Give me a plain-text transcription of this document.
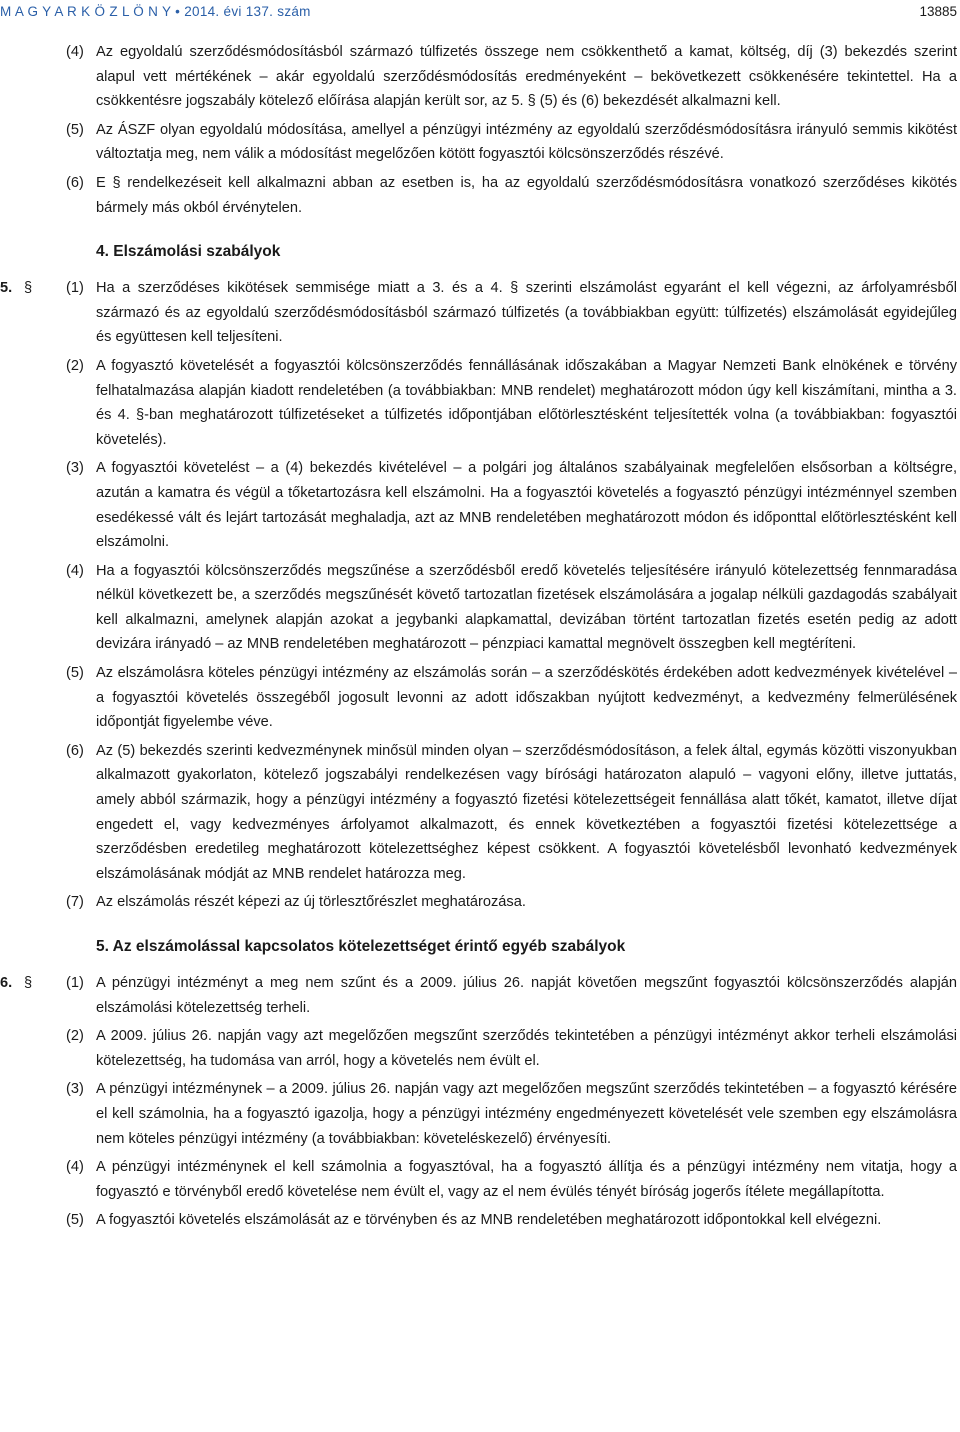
M A G Y A R K Ö Z L Ö N Y • 2014. évi 137. szám	13885
(4) Az egyoldalú szerződésmódosításból származó túlfizetés összege nem csökkenthető a kamat, költség, díj (3) bekezdés szerint alapul vett mértékének – akár egyoldalú szerződésmódosítás eredményeként – bekövetkezett csökkenésére tekintettel. Ha a csökkentésre jogszabály kötelező előírása alapján került sor, az 5. § (5) és (6) bekezdését alkalmazni kell.
(5) Az ÁSZF olyan egyoldalú módosítása, amellyel a pénzügyi intézmény az egyoldalú szerződésmódosításra irányuló semmis kikötést változtatja meg, nem válik a módosítást megelőzően kötött fogyasztói kölcsönszerződés részévé.
(6) E § rendelkezéseit kell alkalmazni abban az esetben is, ha az egyoldalú szerződésmódosításra vonatkozó szerződéses kikötés bármely más okból érvénytelen.
4. Elszámolási szabályok
5. § (1) Ha a szerződéses kikötések semmisége miatt a 3. és a 4. § szerinti elszámolást egyaránt el kell végezni, az árfolyamrésből származó és az egyoldalú szerződésmódosításból származó túlfizetés (a továbbiakban együtt: túlfizetés) elszámolását egyidejűleg és együttesen kell teljesíteni.
(2) A fogyasztó követelését a fogyasztói kölcsönszerződés fennállásának időszakában a Magyar Nemzeti Bank elnökének e törvény felhatalmazása alapján kiadott rendeletében (a továbbiakban: MNB rendelet) meghatározott módon úgy kell kiszámítani, mintha a 3. és 4. §-ban meghatározott túlfizetéseket a túlfizetés időpontjában előtörlesztésként teljesítették volna (a továbbiakban: fogyasztói követelés).
(3) A fogyasztói követelést – a (4) bekezdés kivételével – a polgári jog általános szabályainak megfelelően elsősorban a költségre, azután a kamatra és végül a tőketartozásra kell elszámolni. Ha a fogyasztói követelés a fogyasztó pénzügyi intézménnyel szemben esedékessé vált és lejárt tartozását meghaladja, azt az MNB rendeletében meghatározott módon és időponttal előtörlesztésként kell elszámolni.
(4) Ha a fogyasztói kölcsönszerződés megszűnése a szerződésből eredő követelés teljesítésére irányuló kötelezettség fennmaradása nélkül következett be, a szerződés megszűnését követő tartozatlan fizetések elszámolására a jogalap nélküli gazdagodás szabályait kell alkalmazni, amelynek alapján azokat a jegybanki alapkamattal, devizában történt tartozatlan fizetés esetén pedig az adott devizára irányadó – az MNB rendeletében meghatározott – pénzpiaci kamattal megnövelt összegben kell megtéríteni.
(5) Az elszámolásra köteles pénzügyi intézmény az elszámolás során – a szerződéskötés érdekében adott kedvezmények kivételével – a fogyasztói követelés összegéből jogosult levonni az adott időszakban nyújtott kedvezményt, a kedvezmény felmerülésének időpontját figyelembe véve.
(6) Az (5) bekezdés szerinti kedvezménynek minősül minden olyan – szerződésmódosításon, a felek által, egymás közötti viszonyukban alkalmazott gyakorlaton, kötelező jogszabályi rendelkezésen vagy bírósági határozaton alapuló – vagyoni előny, illetve juttatás, amely abból származik, hogy a pénzügyi intézmény a fogyasztó fizetési kötelezettségeit fennállása alatt tőkét, kamatot, illetve díjat engedett el, vagy kedvezményes árfolyamot alkalmazott, és ennek következtében a fogyasztói fizetési kötelezettsége a szerződésben eredetileg meghatározott kötelezettséghez képest csökkent. A fogyasztói követelésből levonható kedvezmények elszámolásának módját az MNB rendelet határozza meg.
(7) Az elszámolás részét képezi az új törlesztőrészlet meghatározása.
5. Az elszámolással kapcsolatos kötelezettséget érintő egyéb szabályok
6. § (1) A pénzügyi intézményt a meg nem szűnt és a 2009. július 26. napját követően megszűnt fogyasztói kölcsönszerződés alapján elszámolási kötelezettség terheli.
(2) A 2009. július 26. napján vagy azt megelőzően megszűnt szerződés tekintetében a pénzügyi intézményt akkor terheli elszámolási kötelezettség, ha tudomása van arról, hogy a követelés nem évült el.
(3) A pénzügyi intézménynek – a 2009. július 26. napján vagy azt megelőzően megszűnt szerződés tekintetében – a fogyasztó kérésére el kell számolnia, ha a fogyasztó igazolja, hogy a pénzügyi intézmény engedményezett követelését vele szemben egy elszámolásra nem köteles pénzügyi intézmény (a továbbiakban: követeléskezelő) érvényesíti.
(4) A pénzügyi intézménynek el kell számolnia a fogyasztóval, ha a fogyasztó állítja és a pénzügyi intézmény nem vitatja, hogy a fogyasztó e törvényből eredő követelése nem évült el, vagy az el nem évülés tényét bíróság jogerős ítélete megállapította.
(5) A fogyasztói követelés elszámolását az e törvényben és az MNB rendeletében meghatározott időpontokkal kell elvégezni.
